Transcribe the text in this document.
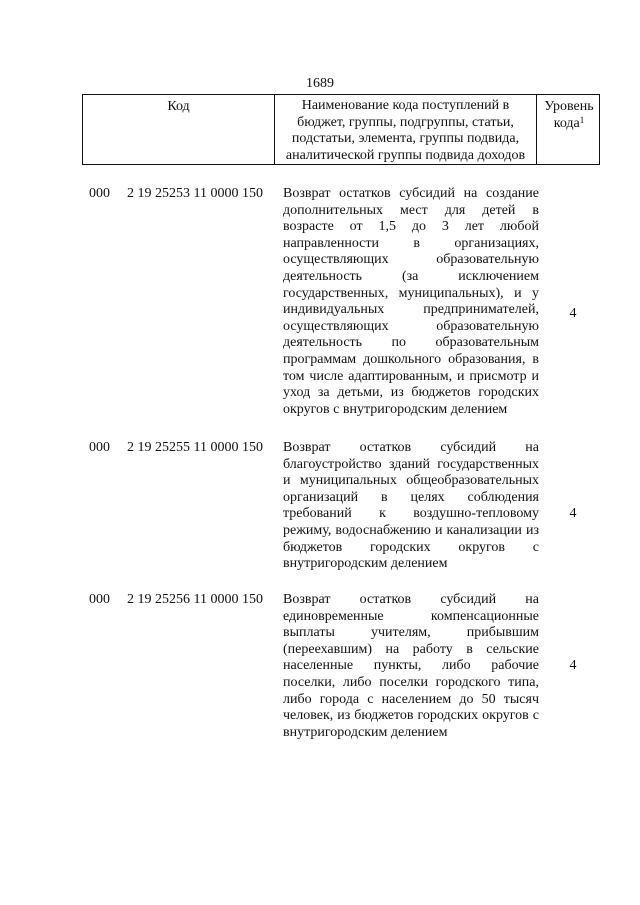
1689
Код	Наименование кода поступлений в
бюджет, группы, подгруппы, статьи,
подстатьи, элемента, группы подвида,
аналитической группы подвида доходов
Уровень
кода$^1$
000 2 19 25253 11 0000 150 Возврат остатков субсидий на создание дополнительных мест для детей в возрасте от 1,5 до 3 лет любой направленности в организациях, осуществляющих образовательную деятельность (за исключением государственных, муниципальных), и у индивидуальных предпринимателей, осуществляющих образовательную деятельность по образовательным программам дошкольного образования, в том числе адаптированным, и присмотр и уход за детьми, из бюджетов городских округов с внутригородским делением
4
000 2 19 25255 11 0000 150 Возврат остатков субсидий на благоустройство зданий государственных и муниципальных общеобразовательных организаций в целях соблюдения требований к воздушно-тепловому режиму, водоснабжению и канализации из бюджетов городских округов с внутригородским делением
4
000 2 19 25256 11 0000 150 Возврат остатков субсидий на единовременные компенсационные выплаты учителям, прибывшим (переехавшим) на работу в сельские населенные пункты, либо рабочие поселки, либо поселки городского типа, либо города с населением до 50 тысяч человек, из бюджетов городских округов с внутригородским делением
4
